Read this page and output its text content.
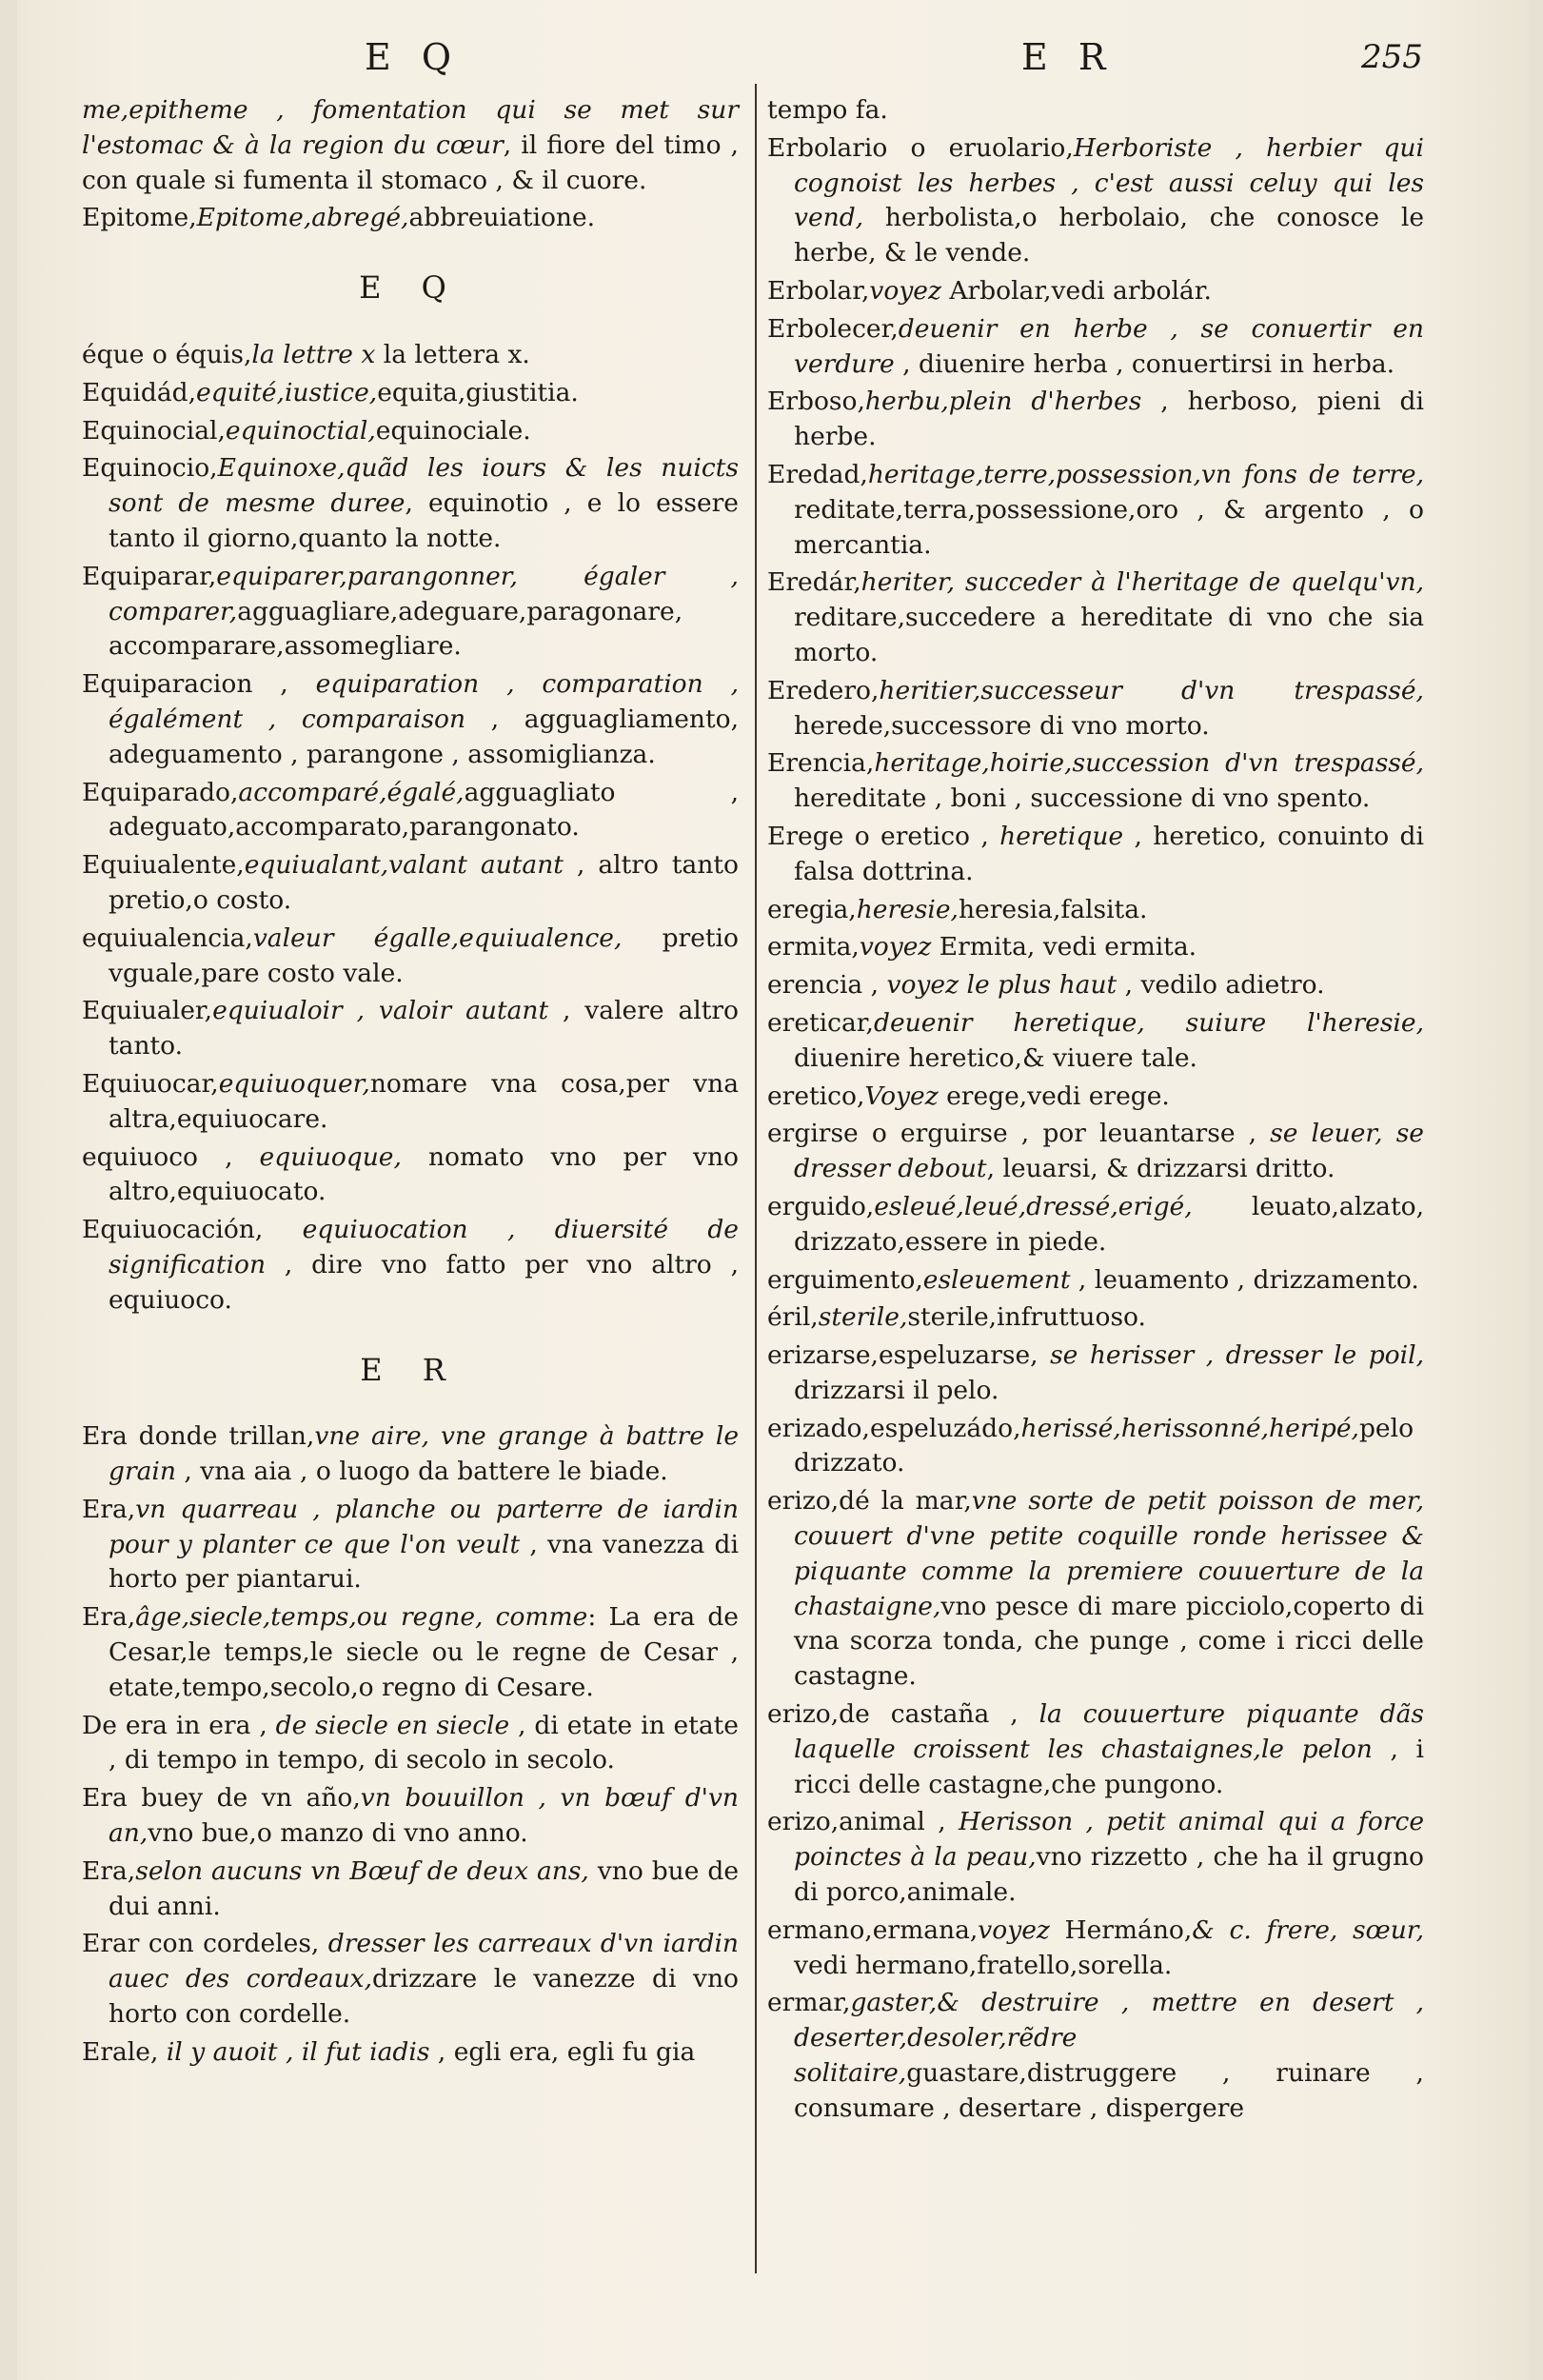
E Q	E R	255

me,epitheme , fomentation qui se met sur l'estomac & à la region du cœur, il fiore del timo , con quale si fumenta il stomaco , & il cuore.

Epitome,Epitome,abregé,abbreuiatione.

E Q

éque o équis,la lettre x la lettera x.

Equidád,equité,iustice,equita,giustitia.

Equinocial,equinoctial,equinociale.

Equinocio,Equinoxe,quãd les iours & les nuicts sont de mesme duree, equinotio , e lo essere tanto il giorno,quanto la notte.

Equiparar,equiparer,parangonner, égaler , comparer,agguagliare,adeguare,paragonare, accomparare,assomegliare.

Equiparacion , equiparation , comparation , égalément , comparaison , agguagliamento, adeguamento , parangone , assomiglianza.

Equiparado,accomparé,égalé,agguagliato , adeguato,accomparato,parangonato.

Equiualente,equiualant,valant autant , altro tanto pretio,o costo.

equiualencia,valeur égalle,equiualence, pretio vguale,pare costo vale.

Equiualer,equiualoir , valoir autant , valere altro tanto.

Equiuocar,equiuoquer,nomare vna cosa,per vna altra,equiuocare.

equiuoco , equiuoque, nomato vno per vno altro,equiuocato.

Equiuocación, equiuocation , diuersité de signification , dire vno fatto per vno altro , equiuoco.

E R

Era donde trillan,vne aire, vne grange à battre le grain , vna aia , o luogo da battere le biade.

Era,vn quarreau , planche ou parterre de iardin pour y planter ce que l'on veult , vna vanezza di horto per piantarui.

Era,âge,siecle,temps,ou regne, comme: La era de Cesar,le temps,le siecle ou le regne de Cesar , etate,tempo,secolo,o regno di Cesare.

De era in era , de siecle en siecle , di etate in etate , di tempo in tempo, di secolo in secolo.

Era buey de vn año,vn bouuillon , vn bœuf d'vn an,vno bue,o manzo di vno anno.

Era,selon aucuns vn Bœuf de deux ans, vno bue de dui anni.

Erar con cordeles, dresser les carreaux d'vn iardin auec des cordeaux,drizzare le vanezze di vno horto con cordelle.

Erale, il y auoit , il fut iadis , egli era, egli fu gia

tempo fa.

Erbolario o eruolario,Herboriste , herbier qui cognoist les herbes , c'est aussi celuy qui les vend, herbolista,o herbolaio, che conosce le herbe, & le vende.

Erbolar,voyez Arbolar,vedi arbolár.

Erbolecer,deuenir en herbe , se conuertir en verdure , diuenire herba , conuertirsi in herba.

Erboso,herbu,plein d'herbes , herboso, pieni di herbe.

Eredad,heritage,terre,possession,vn fons de terre, reditate,terra,possessione,oro , & argento , o mercantia.

Eredár,heriter, succeder à l'heritage de quelqu'vn, reditare,succedere a hereditate di vno che sia morto.

Eredero,heritier,successeur d'vn trespassé, herede,successore di vno morto.

Erencia,heritage,hoirie,succession d'vn trespassé, hereditate , boni , successione di vno spento.

Erege o eretico , heretique , heretico, conuinto di falsa dottrina.

eregia,heresie,heresia,falsita.

ermita,voyez Ermita, vedi ermita.

erencia , voyez le plus haut , vedilo adietro.

ereticar,deuenir heretique, suiure l'heresie, diuenire heretico,& viuere tale.

eretico,Voyez erege,vedi erege.

ergirse o erguirse , por leuantarse , se leuer, se dresser debout, leuarsi, & drizzarsi dritto.

erguido,esleué,leué,dressé,erigé, leuato,alzato, drizzato,essere in piede.

erguimento,esleuement , leuamento , drizzamento.

éril,sterile,sterile,infruttuoso.

erizarse,espeluzarse, se herisser , dresser le poil, drizzarsi il pelo.

erizado,espeluzádo,herissé,herissonné,heripé,pelo drizzato.

erizo,dé la mar,vne sorte de petit poisson de mer, couuert d'vne petite coquille ronde herissee & piquante comme la premiere couuerture de la chastaigne,vno pesce di mare picciolo,coperto di vna scorza tonda, che punge , come i ricci delle castagne.

erizo,de castaña , la couuerture piquante dãs laquelle croissent les chastaignes,le pelon , i ricci delle castagne,che pungono.

erizo,animal , Herisson , petit animal qui a force poinctes à la peau,vno rizzetto , che ha il grugno di porco,animale.

ermano,ermana,voyez Hermáno,& c. frere, sœur, vedi hermano,fratello,sorella.

ermar,gaster,& destruire , mettre en desert , deserter,desoler,rẽdre solitaire,guastare,distruggere , ruinare , consumare , desertare , dispergere
